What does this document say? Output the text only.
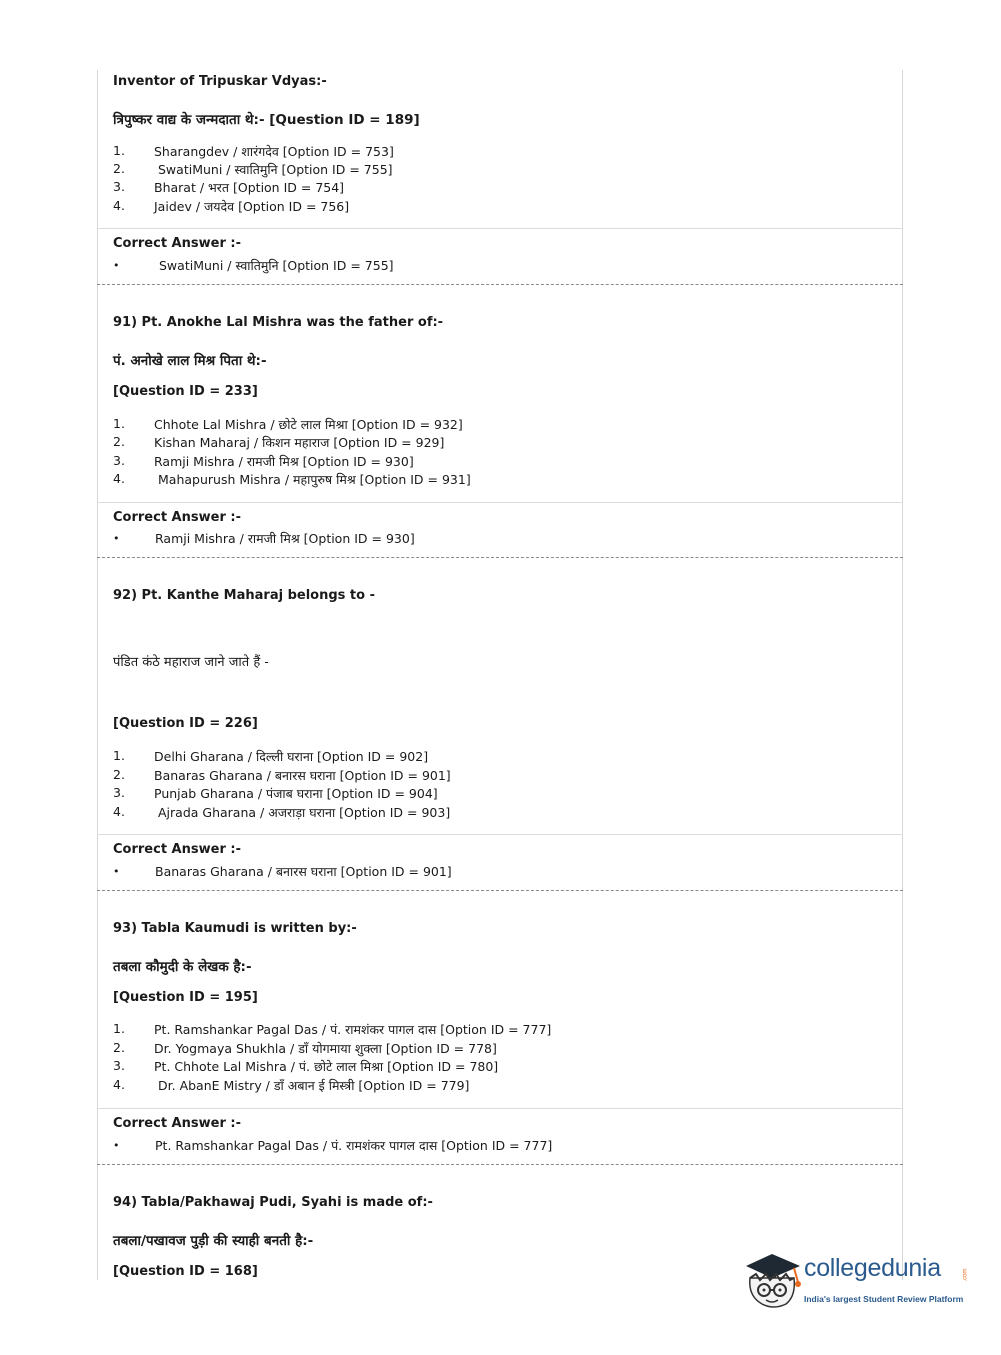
Inventor of Tripuskar Vdyas:-
त्रिपुष्कर वाद्य के जन्मदाता थे:- [Question ID = 189]
1.	Sharangdev / शारंगदेव [Option ID = 753]
2.	SwatiMuni / स्वातिमुनि [Option ID = 755]
3.	Bharat / भरत [Option ID = 754]
4.	Jaidev / जयदेव [Option ID = 756]
Correct Answer :-
•	SwatiMuni / स्वातिमुनि [Option ID = 755]
91) Pt. Anokhe Lal Mishra was the father of:-
पं. अनोखे लाल मिश्र पिता थे:-
[Question ID = 233]
1.	Chhote Lal Mishra / छोटे लाल मिश्रा [Option ID = 932]
2.	Kishan Maharaj / किशन महाराज [Option ID = 929]
3.	Ramji Mishra / रामजी मिश्र [Option ID = 930]
4.	Mahapurush Mishra / महापुरुष मिश्र [Option ID = 931]
Correct Answer :-
•	Ramji Mishra / रामजी मिश्र [Option ID = 930]
92) Pt. Kanthe Maharaj belongs to -
पंडित कंठे महाराज जाने जाते हैं -
[Question ID = 226]
1.	Delhi Gharana / दिल्ली घराना [Option ID = 902]
2.	Banaras Gharana / बनारस घराना [Option ID = 901]
3.	Punjab Gharana / पंजाब घराना [Option ID = 904]
4.	Ajrada Gharana / अजराड़ा घराना [Option ID = 903]
Correct Answer :-
•	Banaras Gharana / बनारस घराना [Option ID = 901]
93) Tabla Kaumudi is written by:-
तबला कौमुदी के लेखक है:-
[Question ID = 195]
1.	Pt. Ramshankar Pagal Das / पं. रामशंकर पागल दास [Option ID = 777]
2.	Dr. Yogmaya Shukhla / डॉं योगमाया शुक्ला [Option ID = 778]
3.	Pt. Chhote Lal Mishra / पं. छोटे लाल मिश्रा [Option ID = 780]
4.	Dr. AbanE Mistry / डॉं अबान ई मिस्त्री [Option ID = 779]
Correct Answer :-
•	Pt. Ramshankar Pagal Das / पं. रामशंकर पागल दास [Option ID = 777]
94) Tabla/Pakhawaj Pudi, Syahi is made of:-
तबला/पखावज पुड़ी की स्याही बनती है:-
[Question ID = 168]	collegedunia	.com
India's largest Student Review Platform
